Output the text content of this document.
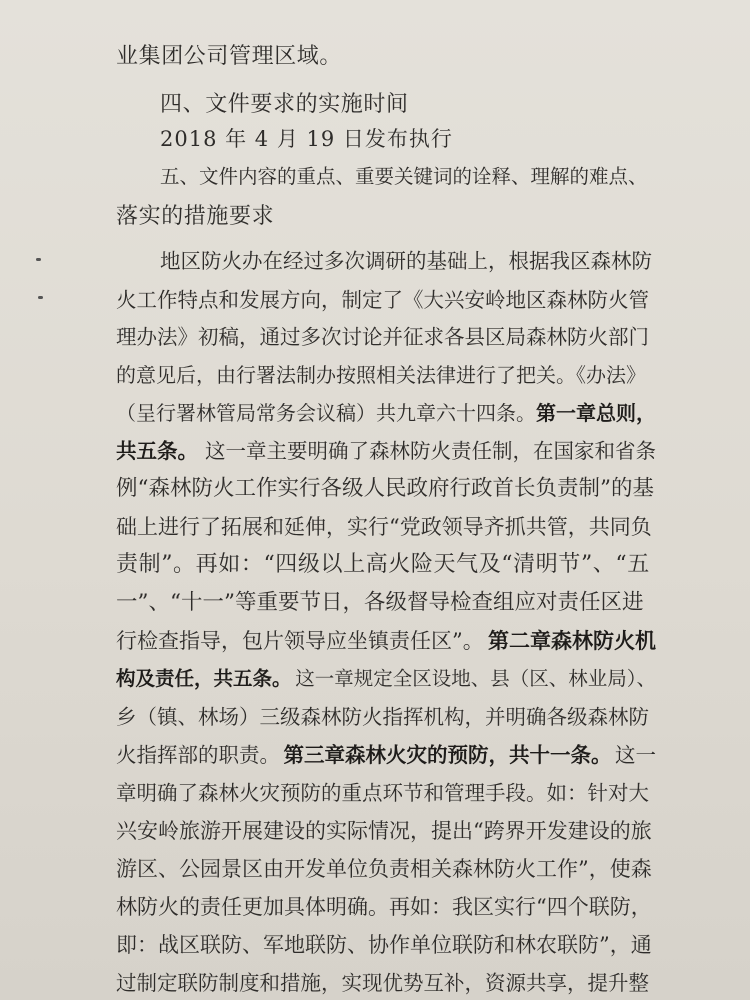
业集团公司管理区域。
四、文件要求的实施时间
2018 年 4 月 19 日发布执行
五、文件内容的重点、重要关键词的诠释、理解的难点、
落实的措施要求
地区防火办在经过多次调研的基础上，根据我区森林防
火工作特点和发展方向，制定了《大兴安岭地区森林防火管
理办法》初稿，通过多次讨论并征求各县区局森林防火部门
的意见后，由行署法制办按照相关法律进行了把关。《办法》
（呈行署林管局常务会议稿）共九章六十四条。 第一章总则，
共五条。 这一章主要明确了森林防火责任制，在国家和省条
例“森林防火工作实行各级人民政府行政首长负责制”的基
础上进行了拓展和延伸，实行“党政领导齐抓共管，共同负
责制”。再如：“四级以上高火险天气及“清明节”、“五
一”、“十一”等重要节日，各级督导检查组应对责任区进
行检查指导，包片领导应坐镇责任区”。 第二章森林防火机
构及责任，共五条。 这一章规定全区设地、县（区、林业局）、
乡（镇、林场）三级森林防火指挥机构，并明确各级森林防
火指挥部的职责。 第三章森林火灾的预防，共十一条。 这一
章明确了森林火灾预防的重点环节和管理手段。如：针对大
兴安岭旅游开展建设的实际情况，提出“跨界开发建设的旅
游区、公园景区由开发单位负责相关森林防火工作”，使森
林防火的责任更加具体明确。再如：我区实行“四个联防，
即：战区联防、军地联防、协作单位联防和林农联防”，通
过制定联防制度和措施，实现优势互补，资源共享，提升整
